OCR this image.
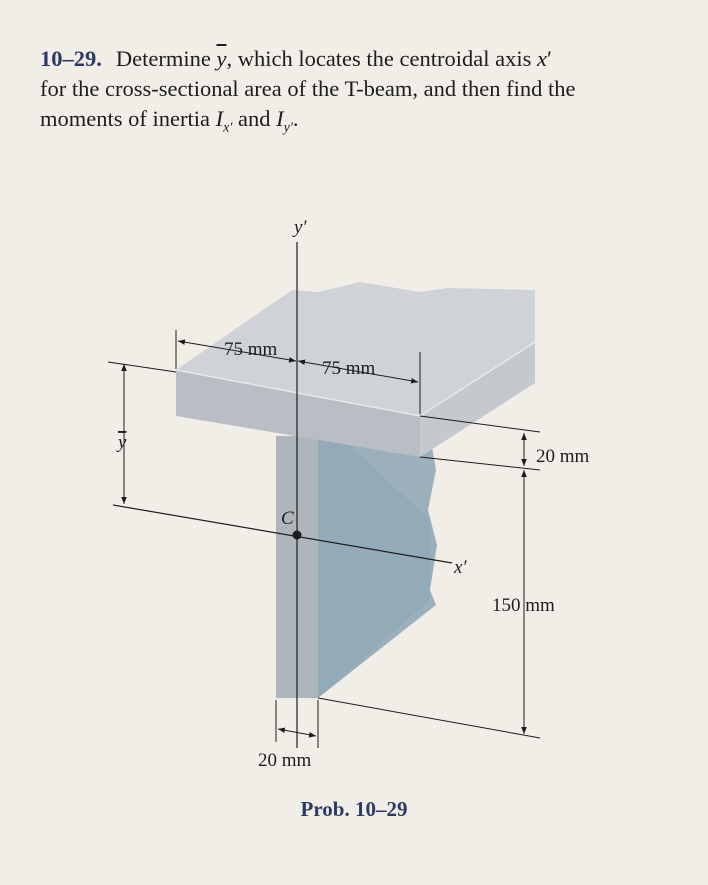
10–29. Determine $\overline{y}$, which locates the centroidal axis x′
for the cross-sectional area of the T-beam, and then find the
moments of inertia $I_{x'}$ and $I_{y'}$.
y′
C
x′
y
75 mm
75 mm
20 mm
150 mm
20 mm
Prob. 10–29
